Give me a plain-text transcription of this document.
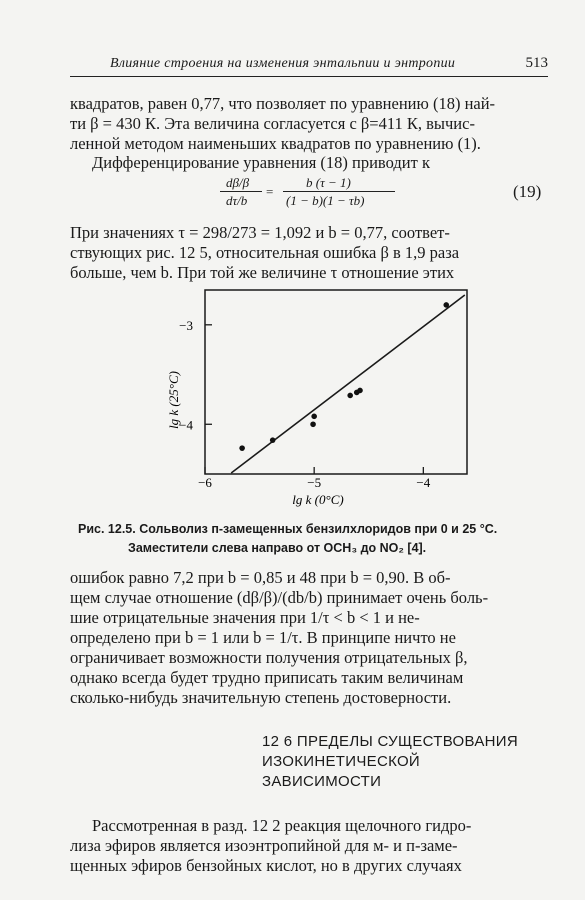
Влияние строения на изменения энтальпии и энтропии	513
квадратов, равен 0,77, что позволяет по уравнению (18) най-
ти β = 430 К. Эта величина согласуется с β=411 К, вычис-
ленной методом наименьших квадратов по уравнению (1).
Дифференцирование уравнения (18) приводит к
dβ/β
dτ/b
=
b (τ − 1)
(1 − b)(1 − τb)	(19)
При значениях τ = 298/273 = 1,092 и b = 0,77, соответ-
ствующих рис. 12 5, относительная ошибка β в 1,9 раза
больше, чем b. При той же величине τ отношение этих
−3
−4
−6	−5	−4
lg k (25°C)
lg k (0°C)
Рис. 12.5. Сольволиз п-замещенных бензилхлоридов при 0 и 25 °С.
Заместители слева направо от OCH₃ до NO₂ [4].
ошибок равно 7,2 при b = 0,85 и 48 при b = 0,90. В об-
щем случае отношение (dβ/β)/(db/b) принимает очень боль-
шие отрицательные значения при 1/τ < b < 1 и не-
определено при b = 1 или b = 1/τ. В принципе ничто не
ограничивает возможности получения отрицательных β,
однако всегда будет трудно приписать таким величинам
сколько-нибудь значительную степень достоверности.
12 6 ПРЕДЕЛЫ СУЩЕСТВОВАНИЯ
ИЗОКИНЕТИЧЕСКОЙ
ЗАВИСИМОСТИ
Рассмотренная в разд. 12 2 реакция щелочного гидро-
лиза эфиров является изоэнтропийной для м- и п-заме-
щенных эфиров бензойных кислот, но в других случаях
